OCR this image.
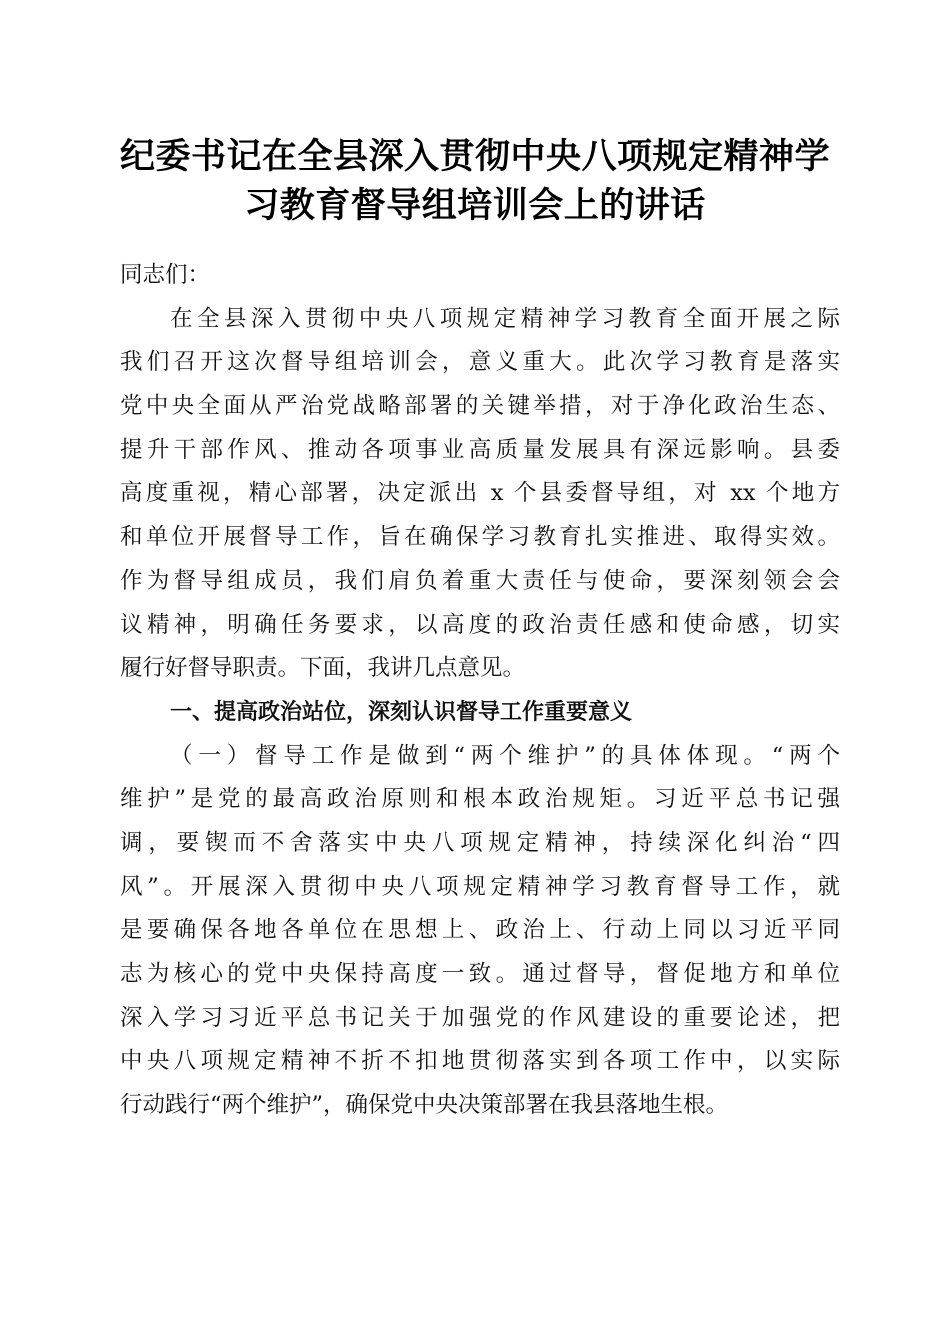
纪委书记在全县深入贯彻中央八项规定精神学
习教育督导组培训会上的讲话
同志们：
在全县深入贯彻中央八项规定精神学习教育全面开展之际
我们召开这次督导组培训会，意义重大。此次学习教育是落实
党中央全面从严治党战略部署的关键举措，对于净化政治生态、
提升干部作风、推动各项事业高质量发展具有深远影响。县委
高度重视，精心部署，决定派出 x 个县委督导组，对 xx 个地方
和单位开展督导工作，旨在确保学习教育扎实推进、取得实效。
作为督导组成员，我们肩负着重大责任与使命，要深刻领会会
议精神，明确任务要求，以高度的政治责任感和使命感，切实
履行好督导职责。下面，我讲几点意见。
一、提高政治站位，深刻认识督导工作重要意义
（一）督导工作是做到“两个维护”的具体体现。“两个
维护”是党的最高政治原则和根本政治规矩。习近平总书记强
调，要锲而不舍落实中央八项规定精神，持续深化纠治“四
风”。开展深入贯彻中央八项规定精神学习教育督导工作，就
是要确保各地各单位在思想上、政治上、行动上同以习近平同
志为核心的党中央保持高度一致。通过督导，督促地方和单位
深入学习习近平总书记关于加强党的作风建设的重要论述，把
中央八项规定精神不折不扣地贯彻落实到各项工作中，以实际
行动践行“两个维护”，确保党中央决策部署在我县落地生根。
